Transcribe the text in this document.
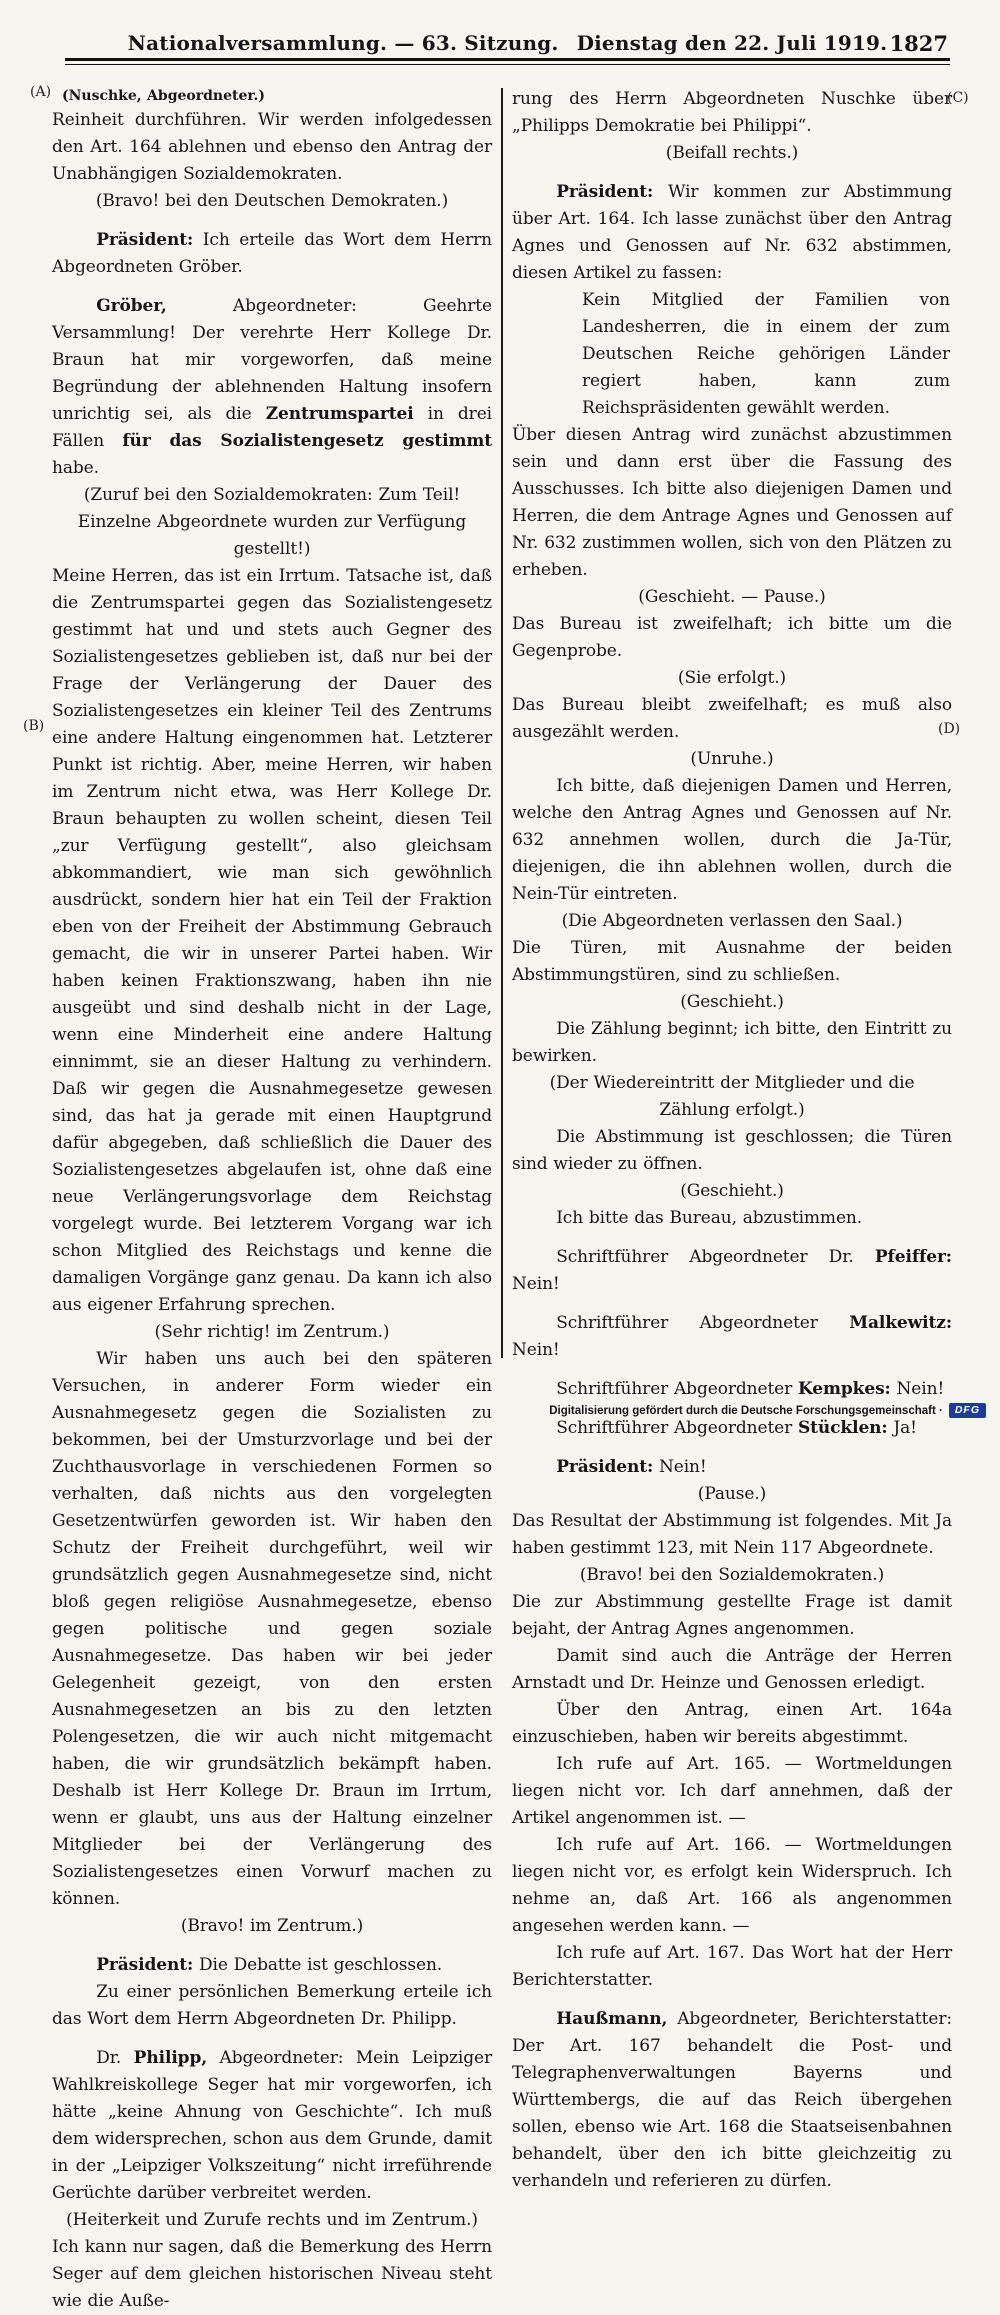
Nationalversammlung. — 63. Sitzung. Dienstag den 22. Juli 1919. 1827
(A)
(B)
(C)
(D)

(Nuschke, Abgeordneter.)

Reinheit durchführen. Wir werden infolgedessen den Art. 164 ablehnen und ebenso den Antrag der Unabhängigen Sozialdemokraten.

(Bravo! bei den Deutschen Demokraten.)

Präsident: Ich erteile das Wort dem Herrn Abgeordneten Gröber.

Gröber, Abgeordneter: Geehrte Versammlung! Der verehrte Herr Kollege Dr. Braun hat mir vorgeworfen, daß meine Begründung der ablehnenden Haltung insofern unrichtig sei, als die Zentrumspartei in drei Fällen für das Sozialistengesetz gestimmt habe.

(Zuruf bei den Sozialdemokraten: Zum Teil! Einzelne Abgeordnete wurden zur Verfügung gestellt!)

Meine Herren, das ist ein Irrtum. Tatsache ist, daß die Zentrumspartei gegen das Sozialistengesetz gestimmt hat und und stets auch Gegner des Sozialistengesetzes geblieben ist, daß nur bei der Frage der Verlängerung der Dauer des Sozialistengesetzes ein kleiner Teil des Zentrums eine andere Haltung eingenommen hat. Letzterer Punkt ist richtig. Aber, meine Herren, wir haben im Zentrum nicht etwa, was Herr Kollege Dr. Braun behaupten zu wollen scheint, diesen Teil „zur Verfügung gestellt“, also gleichsam abkommandiert, wie man sich gewöhnlich ausdrückt, sondern hier hat ein Teil der Fraktion eben von der Freiheit der Abstimmung Gebrauch gemacht, die wir in unserer Partei haben. Wir haben keinen Fraktionszwang, haben ihn nie ausgeübt und sind deshalb nicht in der Lage, wenn eine Minderheit eine andere Haltung einnimmt, sie an dieser Haltung zu verhindern. Daß wir gegen die Ausnahmegesetze gewesen sind, das hat ja gerade mit einen Hauptgrund dafür abgegeben, daß schließlich die Dauer des Sozialistengesetzes abgelaufen ist, ohne daß eine neue Verlängerungsvorlage dem Reichstag vorgelegt wurde. Bei letzterem Vorgang war ich schon Mitglied des Reichstags und kenne die damaligen Vorgänge ganz genau. Da kann ich also aus eigener Erfahrung sprechen.

(Sehr richtig! im Zentrum.)

Wir haben uns auch bei den späteren Versuchen, in anderer Form wieder ein Ausnahmegesetz gegen die Sozialisten zu bekommen, bei der Umsturzvorlage und bei der Zuchthausvorlage in verschiedenen Formen so verhalten, daß nichts aus den vorgelegten Gesetzentwürfen geworden ist. Wir haben den Schutz der Freiheit durchgeführt, weil wir grundsätzlich gegen Ausnahmegesetze sind, nicht bloß gegen religiöse Ausnahmegesetze, ebenso gegen politische und gegen soziale Ausnahmegesetze. Das haben wir bei jeder Gelegenheit gezeigt, von den ersten Ausnahmegesetzen an bis zu den letzten Polengesetzen, die wir auch nicht mitgemacht haben, die wir grundsätzlich bekämpft haben. Deshalb ist Herr Kollege Dr. Braun im Irrtum, wenn er glaubt, uns aus der Haltung einzelner Mitglieder bei der Verlängerung des Sozialistengesetzes einen Vorwurf machen zu können.

(Bravo! im Zentrum.)

Präsident: Die Debatte ist geschlossen.

Zu einer persönlichen Bemerkung erteile ich das Wort dem Herrn Abgeordneten Dr. Philipp.

Dr. Philipp, Abgeordneter: Mein Leipziger Wahlkreiskollege Seger hat mir vorgeworfen, ich hätte „keine Ahnung von Geschichte“. Ich muß dem widersprechen, schon aus dem Grunde, damit in der „Leipziger Volkszeitung“ nicht irreführende Gerüchte darüber verbreitet werden.

(Heiterkeit und Zurufe rechts und im Zentrum.)

Ich kann nur sagen, daß die Bemerkung des Herrn Seger auf dem gleichen historischen Niveau steht wie die Auße-

rung des Herrn Abgeordneten Nuschke über „Philipps Demokratie bei Philippi“.

(Beifall rechts.)

Präsident: Wir kommen zur Abstimmung über Art. 164. Ich lasse zunächst über den Antrag Agnes und Genossen auf Nr. 632 abstimmen, diesen Artikel zu fassen:

Kein Mitglied der Familien von Landesherren, die in einem der zum Deutschen Reiche gehörigen Länder regiert haben, kann zum Reichspräsidenten gewählt werden.

Über diesen Antrag wird zunächst abzustimmen sein und dann erst über die Fassung des Ausschusses. Ich bitte also diejenigen Damen und Herren, die dem Antrage Agnes und Genossen auf Nr. 632 zustimmen wollen, sich von den Plätzen zu erheben.

(Geschieht. — Pause.)

Das Bureau ist zweifelhaft; ich bitte um die Gegenprobe.

(Sie erfolgt.)

Das Bureau bleibt zweifelhaft; es muß also ausgezählt werden.

(Unruhe.)

Ich bitte, daß diejenigen Damen und Herren, welche den Antrag Agnes und Genossen auf Nr. 632 annehmen wollen, durch die Ja-Tür, diejenigen, die ihn ablehnen wollen, durch die Nein-Tür eintreten.

(Die Abgeordneten verlassen den Saal.)

Die Türen, mit Ausnahme der beiden Abstimmungstüren, sind zu schließen.

(Geschieht.)

Die Zählung beginnt; ich bitte, den Eintritt zu bewirken.

(Der Wiedereintritt der Mitglieder und die Zählung erfolgt.)

Die Abstimmung ist geschlossen; die Türen sind wieder zu öffnen.

(Geschieht.)

Ich bitte das Bureau, abzustimmen.

Schriftführer Abgeordneter Dr. Pfeiffer: Nein!

Schriftführer Abgeordneter Malkewitz: Nein!

Schriftführer Abgeordneter Kempkes: Nein!

Schriftführer Abgeordneter Stücklen: Ja!

Präsident: Nein!

(Pause.)

Das Resultat der Abstimmung ist folgendes. Mit Ja haben gestimmt 123, mit Nein 117 Abgeordnete.

(Bravo! bei den Sozialdemokraten.)

Die zur Abstimmung gestellte Frage ist damit bejaht, der Antrag Agnes angenommen.

Damit sind auch die Anträge der Herren Arnstadt und Dr. Heinze und Genossen erledigt.

Über den Antrag, einen Art. 164a einzuschieben, haben wir bereits abgestimmt.

Ich rufe auf Art. 165. — Wortmeldungen liegen nicht vor. Ich darf annehmen, daß der Artikel angenommen ist. —

Ich rufe auf Art. 166. — Wortmeldungen liegen nicht vor, es erfolgt kein Widerspruch. Ich nehme an, daß Art. 166 als angenommen angesehen werden kann. —

Ich rufe auf Art. 167. Das Wort hat der Herr Berichterstatter.

Haußmann, Abgeordneter, Berichterstatter: Der Art. 167 behandelt die Post- und Telegraphenverwaltungen Bayerns und Württembergs, die auf das Reich übergehen sollen, ebenso wie Art. 168 die Staatseisenbahnen behandelt, über den ich bitte gleichzeitig zu verhandeln und referieren zu dürfen.

Digitalisierung gefördert durch die Deutsche Forschungsgemeinschaft ·	DFG
